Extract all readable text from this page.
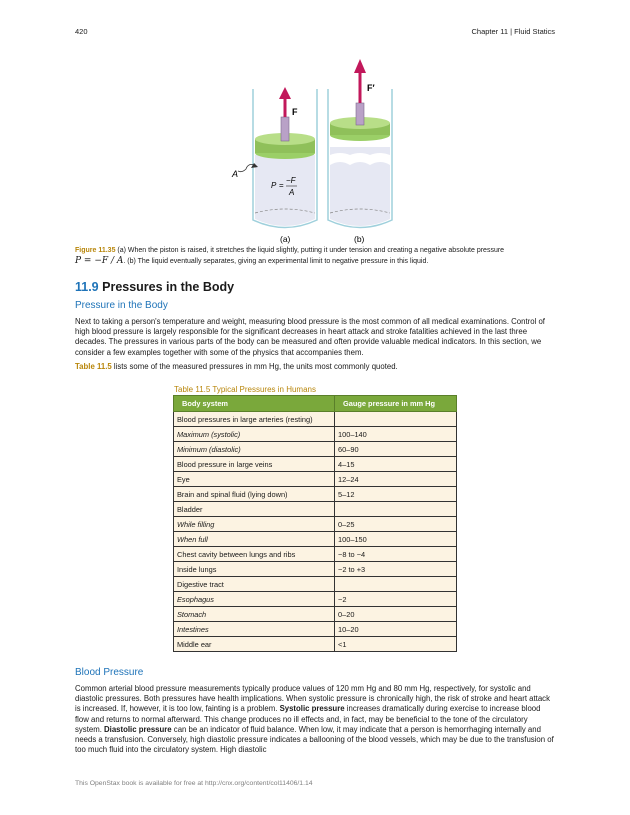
420	Chapter 11 | Fluid Statics
F
A
P =
−F
A
(a)
F′
(b)
Figure 11.35 (a) When the piston is raised, it stretches the liquid slightly, putting it under tension and creating a negative absolute pressure
P = −F / A. (b) The liquid eventually separates, giving an experimental limit to negative pressure in this liquid.
11.9 Pressures in the Body
Pressure in the Body
Next to taking a person's temperature and weight, measuring blood pressure is the most common of all medical examinations. Control of high blood pressure is largely responsible for the significant decreases in heart attack and stroke fatalities achieved in the last three decades. The pressures in various parts of the body can be measured and often provide valuable medical indicators. In this section, we consider a few examples together with some of the physics that accompanies them.
Table 11.5 lists some of the measured pressures in mm Hg, the units most commonly quoted.
Table 11.5 Typical Pressures in Humans
Body system	Gauge pressure in mm Hg
Blood pressures in large arteries (resting)	
Maximum (systolic)	100–140
Minimum (diastolic)	60–90
Blood pressure in large veins	4–15
Eye	12–24
Brain and spinal fluid (lying down)	5–12
Bladder	
While filling	0–25
When full	100–150
Chest cavity between lungs and ribs	−8 to −4
Inside lungs	−2 to +3
Digestive tract	
Esophagus	−2
Stomach	0–20
Intestines	10–20
Middle ear	<1
Blood Pressure
Common arterial blood pressure measurements typically produce values of 120 mm Hg and 80 mm Hg, respectively, for systolic and diastolic pressures. Both pressures have health implications. When systolic pressure is chronically high, the risk of stroke and heart attack is increased. If, however, it is too low, fainting is a problem. Systolic pressure increases dramatically during exercise to increase blood flow and returns to normal afterward. This change produces no ill effects and, in fact, may be beneficial to the tone of the circulatory system. Diastolic pressure can be an indicator of fluid balance. When low, it may indicate that a person is hemorrhaging internally and needs a transfusion. Conversely, high diastolic pressure indicates a ballooning of the blood vessels, which may be due to the transfusion of too much fluid into the circulatory system. High diastolic
This OpenStax book is available for free at http://cnx.org/content/col11406/1.14
